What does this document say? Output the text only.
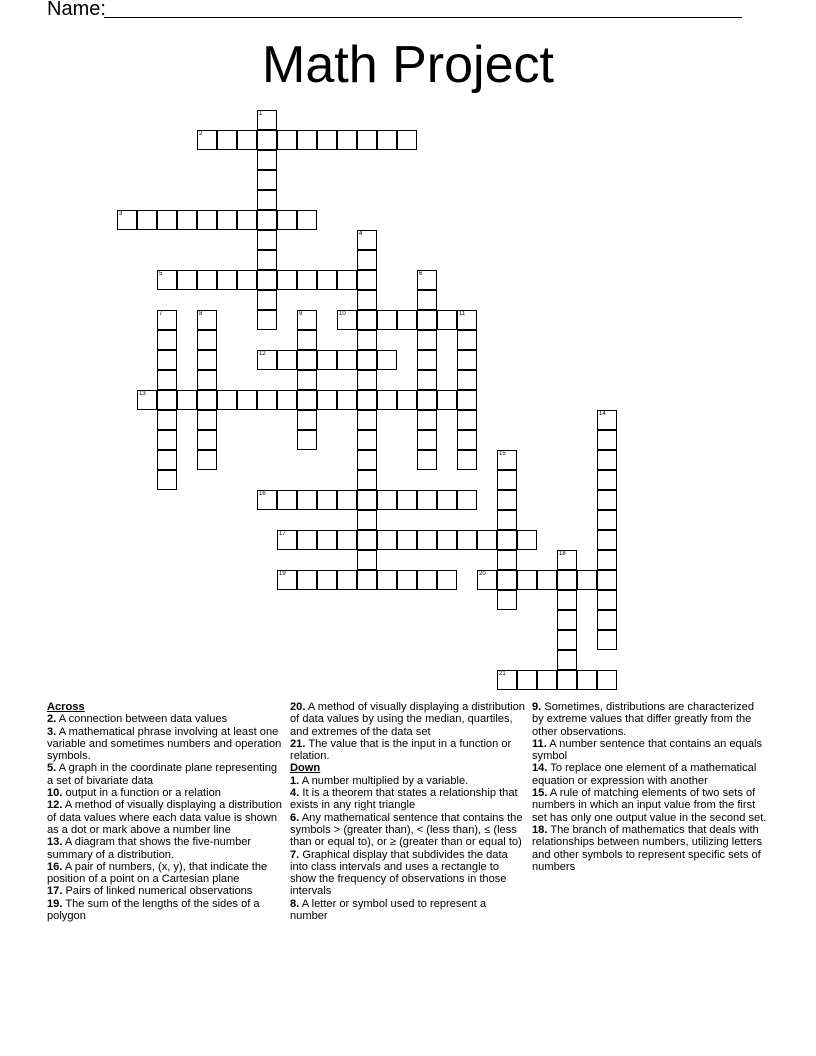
Name:
Math Project
1
2
3
4
5	6
7	8	9	10	11
12
13
14
15
16
17
18
19	20
21
Across
2. A connection between data values
3. A mathematical phrase involving at least one variable and sometimes numbers and operation symbols.
5. A graph in the coordinate plane representing a set of bivariate data
10. output in a function or a relation
12. A method of visually displaying a distribution of data values where each data value is shown as a dot or mark above a number line
13. A diagram that shows the five-number summary of a distribution.
16. A pair of numbers, (x, y), that indicate the position of a point on a Cartesian plane
17. Pairs of linked numerical observations
19. The sum of the lengths of the sides of a polygon
20. A method of visually displaying a distribution of data values by using the median, quartiles, and extremes of the data set
21. The value that is the input in a function or relation.
Down
1. A number multiplied by a variable.
4. It is a theorem that states a relationship that exists in any right triangle
6. Any mathematical sentence that contains the symbols > (greater than), < (less than), ≤ (less than or equal to), or ≥ (greater than or equal to)
7. Graphical display that subdivides the data into class intervals and uses a rectangle to show the frequency of observations in those intervals
8. A letter or symbol used to represent a number
9. Sometimes, distributions are characterized by extreme values that differ greatly from the other observations.
11. A number sentence that contains an equals symbol
14. To replace one element of a mathematical equation or expression with another
15. A rule of matching elements of two sets of numbers in which an input value from the first set has only one output value in the second set.
18. The branch of mathematics that deals with relationships between numbers, utilizing letters and other symbols to represent specific sets of numbers
